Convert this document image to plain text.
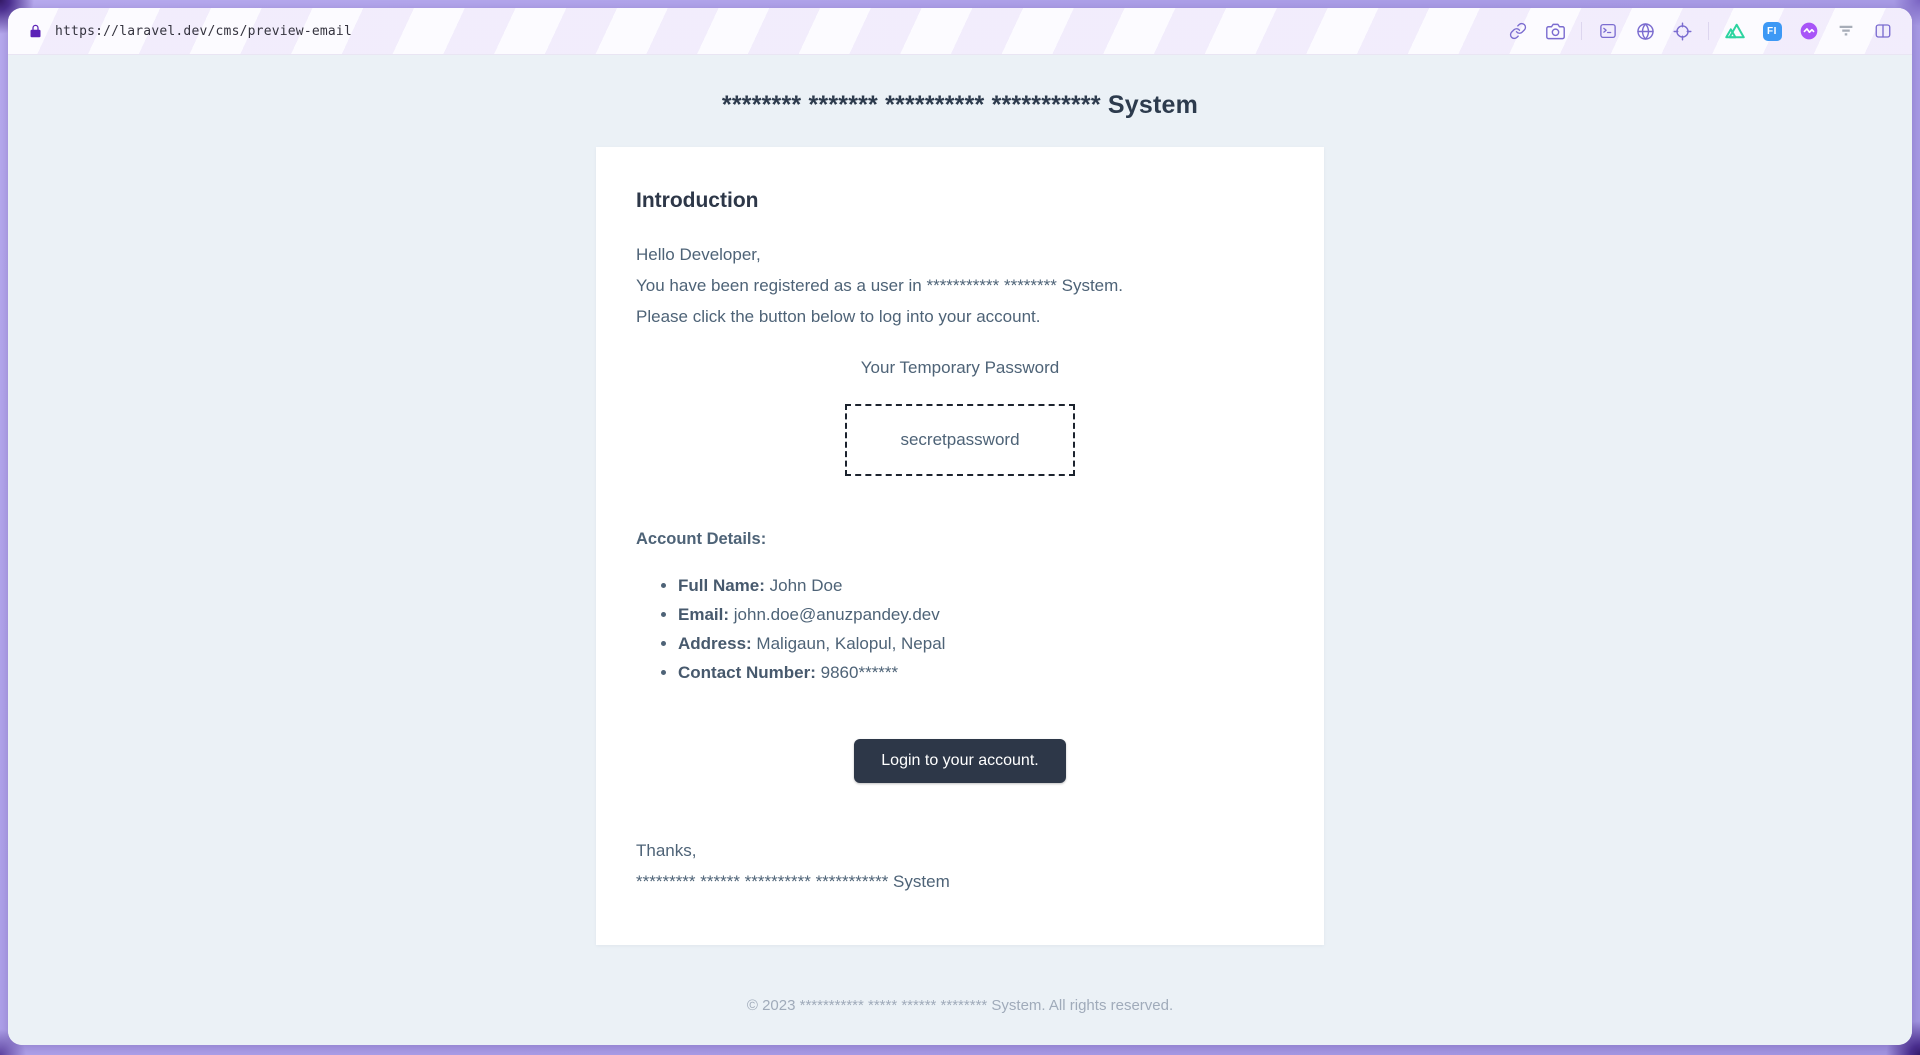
https://laravel.dev/cms/preview-email	FI
******** ******* ********** *********** System
Introduction
Hello Developer,
You have been registered as a user in *********** ******** System.
Please click the button below to log into your account.
Your Temporary Password
secretpassword
Account Details:
• Full Name: John Doe
• Email: john.doe@anuzpandey.dev
• Address: Maligaun, Kalopul, Nepal
• Contact Number: 9860******
Login to your account.
Thanks,
********* ****** ********** *********** System
© 2023 *********** ***** ****** ******** System. All rights reserved.
